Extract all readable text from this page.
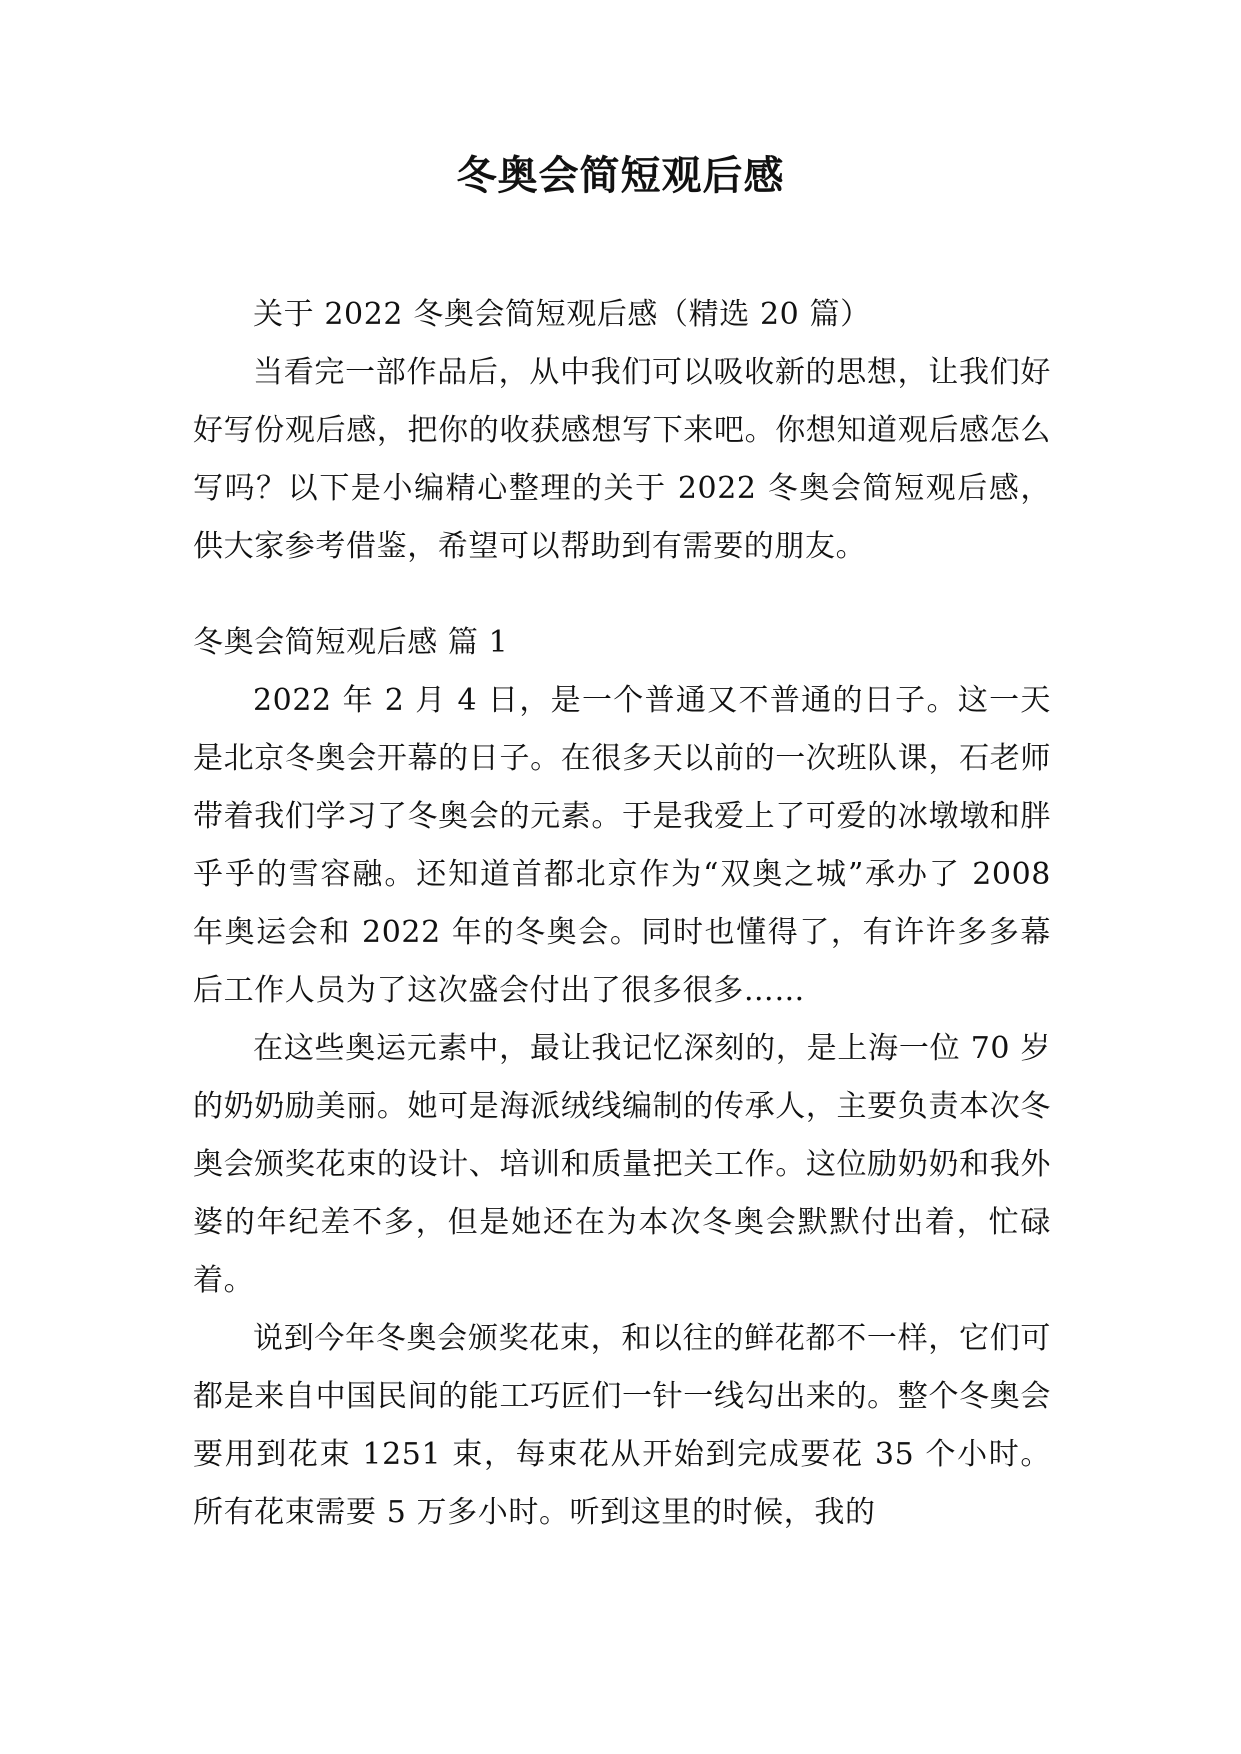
冬奥会简短观后感

关于 2022 冬奥会简短观后感（精选 20 篇）

当看完一部作品后，从中我们可以吸收新的思想，让我们好好写份观后感，把你的收获感想写下来吧。你想知道观后感怎么写吗？以下是小编精心整理的关于 2022 冬奥会简短观后感，供大家参考借鉴，希望可以帮助到有需要的朋友。

冬奥会简短观后感 篇 1

2022 年 2 月 4 日，是一个普通又不普通的日子。这一天是北京冬奥会开幕的日子。在很多天以前的一次班队课，石老师带着我们学习了冬奥会的元素。于是我爱上了可爱的冰墩墩和胖乎乎的雪容融。还知道首都北京作为“双奥之城”承办了 2008 年奥运会和 2022 年的冬奥会。同时也懂得了，有许许多多幕后工作人员为了这次盛会付出了很多很多……

在这些奥运元素中，最让我记忆深刻的，是上海一位 70 岁的奶奶励美丽。她可是海派绒线编制的传承人，主要负责本次冬奥会颁奖花束的设计、培训和质量把关工作。这位励奶奶和我外婆的年纪差不多，但是她还在为本次冬奥会默默付出着，忙碌着。

说到今年冬奥会颁奖花束，和以往的鲜花都不一样，它们可都是来自中国民间的能工巧匠们一针一线勾出来的。整个冬奥会要用到花束 1251 束，每束花从开始到完成要花 35 个小时。所有花束需要 5 万多小时。听到这里的时候，我的
